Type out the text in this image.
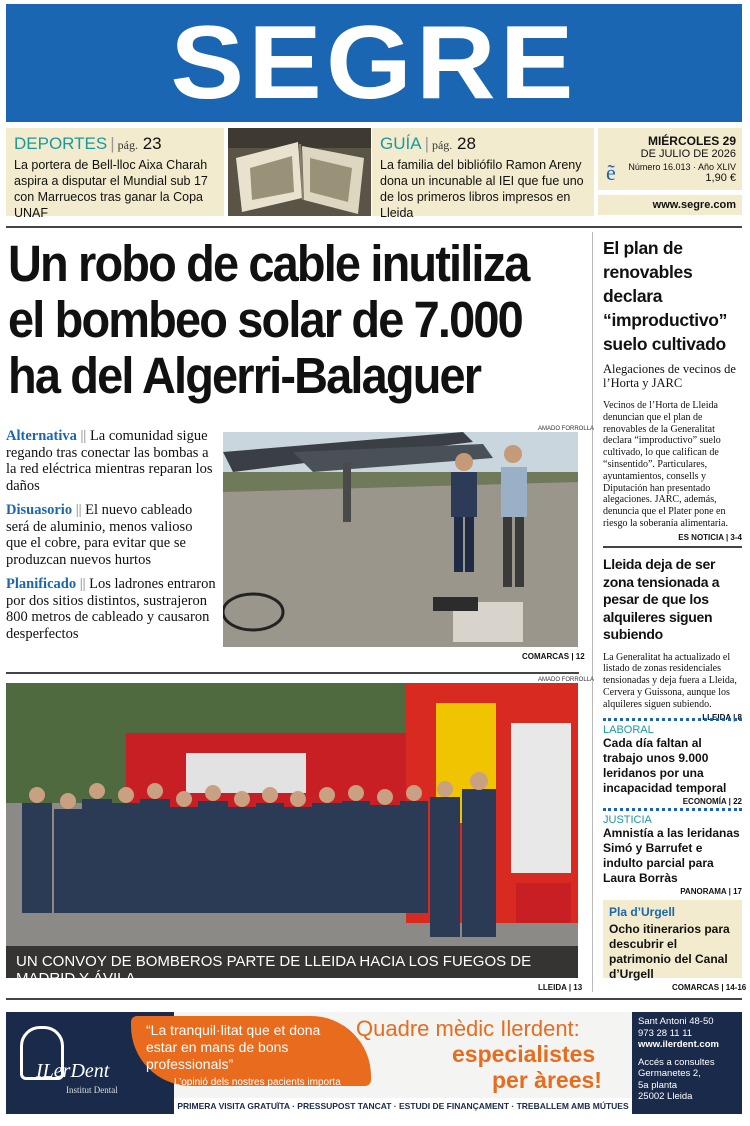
SEGRE
DEPORTES | pág. 23
La portera de Bell-lloc Aixa Charah aspira a disputar el Mundial sub 17 con Marruecos tras ganar la Copa UNAF
GUÍA | pág. 28
La familia del bibliófilo Ramon Areny dona un incunable al IEI que fue uno de los primeros libros impresos en Lleida
ẽ
MIÉRCOLES 29
DE JULIO DE 2026
Número 16.013 · Año XLIV
1,90 €
www.segre.com
Un robo de cable inutiliza el bombeo solar de 7.000 ha del Algerri-Balaguer
Alternativa || La comunidad sigue regando tras conectar las bombas a la red eléctrica mientras reparan los daños
Disuasorio || El nuevo cableado será de aluminio, menos valioso que el cobre, para evitar que se produzcan nuevos hurtos
Planificado || Los ladrones entraron por dos sitios distintos, sustrajeron 800 metros de cableado y causaron desperfectos
AMADO FORROLLA
COMARCAS | 12
UN CONVOY DE BOMBEROS PARTE DE LLEIDA HACIA LOS FUEGOS DE MADRID Y ÁVILA
AMADO FORROLLA
LLEIDA | 13
El plan de renovables declara “improductivo” suelo cultivado
Alegaciones de vecinos de l’Horta y JARC
Vecinos de l’Horta de Lleida denuncian que el plan de renovables de la Generalitat declara “improductivo” suelo cultivado, lo que califican de “sinsentido”. Particulares, ayuntamientos, consells y Diputación han presentado alegaciones. JARC, además, denuncia que el Plater pone en riesgo la soberanía alimentaria.
ES NOTICIA | 3-4
Lleida deja de ser zona tensionada a pesar de que los alquileres siguen subiendo
La Generalitat ha actualizado el listado de zonas residenciales tensionadas y deja fuera a Lleida, Cervera y Guissona, aunque los alquileres siguen subiendo.
LLEIDA | 8
LABORAL
Cada día faltan al trabajo unos 9.000 leridanos por una incapacidad temporal
ECONOMÍA | 22
JUSTICIA
Amnistía a las leridanas Simó y Barrufet e indulto parcial para Laura Borràs
PANORAMA | 17
Pla d’Urgell
Ocho itinerarios para descubrir el patrimonio del Canal d’Urgell
COMARCAS | 14-16
ILerDent
Institut Dental
“La tranquil·litat que et dona estar en mans de bons professionals”
L’opinió dels nostres pacients importa
Quadre mèdic Ilerdent:
especialistes
per àrees!
Sant Antoni 48-50
973 28 11 11
www.ilerdent.com
Accés a consultes
Germanetes 2,
5a planta
25002 Lleida
PRIMERA VISITA GRATUÏTA · PRESSUPOST TANCAT · ESTUDI DE FINANÇAMENT · TREBALLEM AMB MÚTUES
